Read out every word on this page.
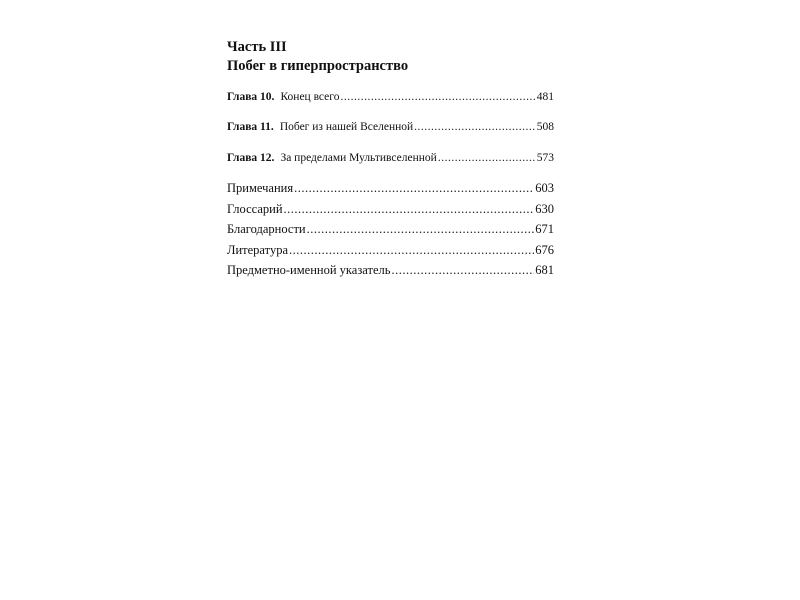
Часть III
Побег в гиперпространство
Глава 10. Конец всего .....	481
Глава 11. Побег из нашей Вселенной .....	508
Глава 12. За пределами Мультивселенной .....	573
Примечания .....	603
Глоссарий .....	630
Благодарности .....	671
Литература .....	676
Предметно-именной указатель .....	681
